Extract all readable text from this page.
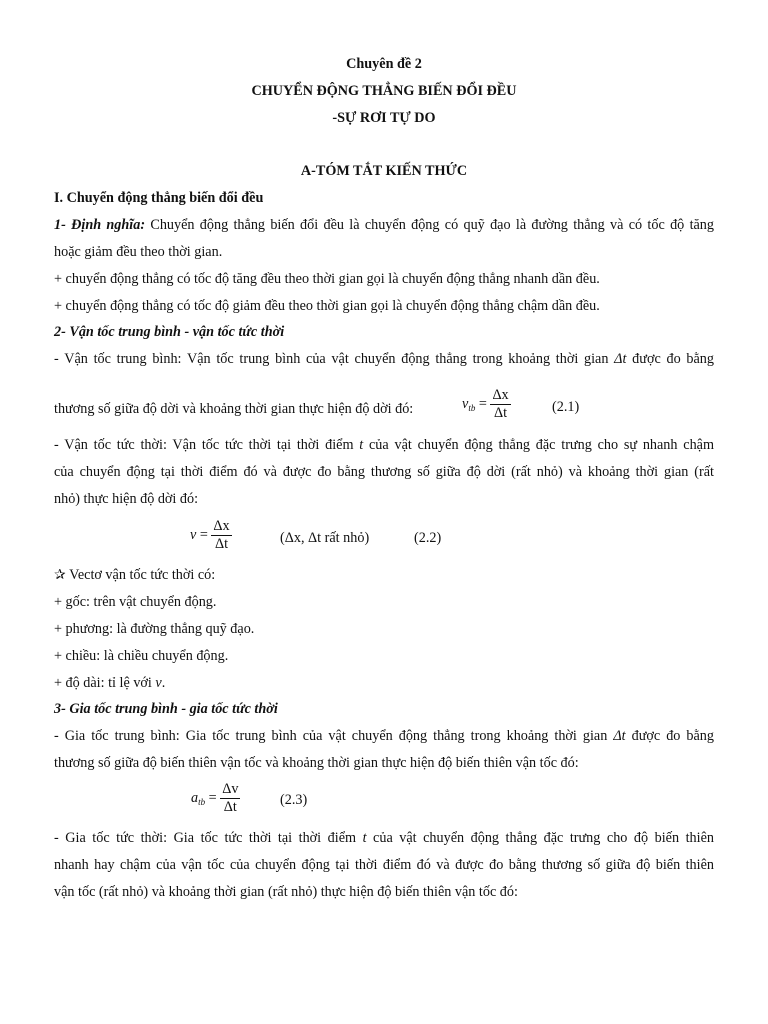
Chuyên đề 2
CHUYỂN ĐỘNG THẲNG BIẾN ĐỔI ĐỀU
-SỰ RƠI TỰ DO
A-TÓM TẮT KIẾN THỨC
I. Chuyển động thẳng biến đổi đều
1- Định nghĩa: Chuyển động thẳng biến đổi đều là chuyển động có quỹ đạo là đường thẳng và có tốc độ tăng
hoặc giảm đều theo thời gian.
+ chuyển động thẳng có tốc độ tăng đều theo thời gian gọi là chuyển động thẳng nhanh dần đều.
+ chuyển động thẳng có tốc độ giảm đều theo thời gian gọi là chuyển động thẳng chậm dần đều.
2- Vận tốc trung bình - vận tốc tức thời
- Vận tốc trung bình: Vận tốc trung bình của vật chuyển động thẳng trong khoảng thời gian Δt được đo bằng
thương số giữa độ dời và khoảng thời gian thực hiện độ dời đó:	$v_{tb} = \frac{\Delta x}{\Delta t}$	(2.1)
- Vận tốc tức thời: Vận tốc tức thời tại thời điểm t của vật chuyển động thẳng đặc trưng cho sự nhanh chậm
của chuyển động tại thời điểm đó và được đo bằng thương số giữa độ dời (rất nhỏ) và khoảng thời gian (rất
nhỏ) thực hiện độ dời đó:
$v = \frac{\Delta x}{\Delta t}$	(Δx, Δt rất nhỏ)	(2.2)
✰ Vectơ vận tốc tức thời có:
+ gốc: trên vật chuyển động.
+ phương: là đường thẳng quỹ đạo.
+ chiều: là chiều chuyển động.
+ độ dài: tỉ lệ với v.
3- Gia tốc trung bình - gia tốc tức thời
- Gia tốc trung bình: Gia tốc trung bình của vật chuyển động thẳng trong khoảng thời gian Δt được đo bằng
thương số giữa độ biến thiên vận tốc và khoảng thời gian thực hiện độ biến thiên vận tốc đó:
$a_{tb} = \frac{\Delta v}{\Delta t}$	(2.3)
- Gia tốc tức thời: Gia tốc tức thời tại thời điểm t của vật chuyển động thẳng đặc trưng cho độ biến thiên
nhanh hay chậm của vận tốc của chuyển động tại thời điểm đó và được đo bằng thương số giữa độ biến thiên
vận tốc (rất nhỏ) và khoảng thời gian (rất nhỏ) thực hiện độ biến thiên vận tốc đó:
